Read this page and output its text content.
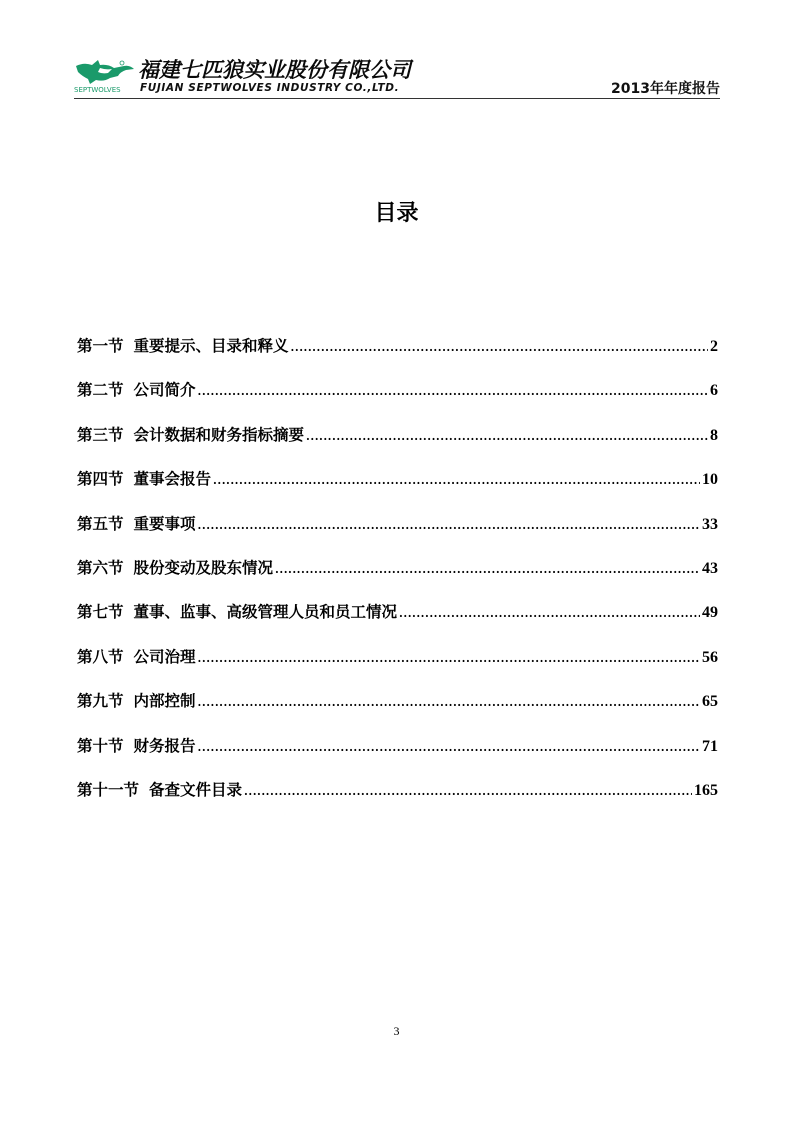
福建七匹狼实业股份有限公司
SEPTWOLVES FUJIAN SEPTWOLVES INDUSTRY CO.,LTD.	2013年年度报告
目录
第一节 重要提示、目录和释义 .....	2
第二节 公司简介 .....	6
第三节 会计数据和财务指标摘要 .....	8
第四节 董事会报告 .....	10
第五节 重要事项 .....	33
第六节 股份变动及股东情况 .....	43
第七节 董事、监事、高级管理人员和员工情况 .....	49
第八节 公司治理 .....	56
第九节 内部控制 .....	65
第十节 财务报告 .....	71
第十一节 备查文件目录 .....	165
3
